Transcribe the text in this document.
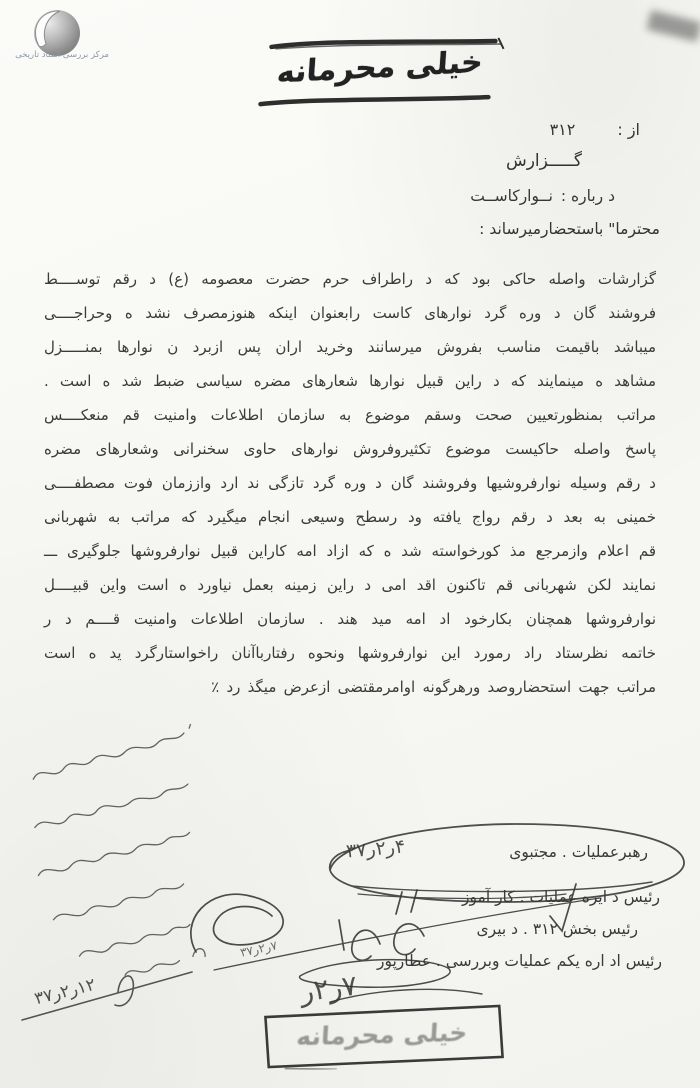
مرکز بررسی اسناد تاریخی	خیلی محرمانه
از :
۳۱۲
گـــــزارش
د رباره :
نــوارکاســت
محترما" باستحضارمیرساند :
گزارشات واصله حاکی بود که د راطراف حرم حضرت معصومه (ع) د رقم توســــط
فروشند گان د وره گرد نوارهای کاست رابعنوان اینکه هنوزمصرف نشد ه وحراجــــی
میباشد باقیمت مناسب بفروش میرسانند وخرید اران پس ازبرد ن نوارها بمنـــــزل
مشاهد ه مینمایند که د راین قبیل نوارها شعارهای مضره سیاسی ضبط شد ه است .
مراتب بمنظورتعیین صحت وسقم موضوع به سازمان اطلاعات وامنیت قم منعکــــس
پاسخ واصله حاکیست موضوع تکثیروفروش نوارهای حاوی سخنرانی وشعارهای مضره
د رقم وسیله نوارفروشیها وفروشند گان د وره گرد تازگی ند ارد واززمان فوت مصطفــــی
خمینی به بعد د رقم رواج یافته ود رسطح وسیعی انجام میگیرد که مراتب به شهربانی
قم اعلام وازمرجع مذ کورخواسته شد ه که ازاد امه کاراین قبیل نوارفروشها جلوگیری ـــ
نمایند لکن شهربانی قم تاکنون اقد امی د راین زمینه بعمل نیاورد ه است واین قبیــــل
نوارفروشها همچنان بکارخود اد امه مید هند . سازمان اطلاعات وامنیت قــــم د ر
خاتمه نظرستاد راد رمورد این نوارفروشها ونحوه رفتارباآنان راخواستارگرد ید ه است
مراتب جهت استحضاروصد ورهرگونه اوامرمقتضی ازعرض میگذ رد ٪
۱۲ر۲ر۳۷
رهبرعملیات . مجتبوی
۴ر۲ر۳۷
رئیس د ایره عملیات . کار آموز
رئیس بخش ۳۱۲ . د بیری
رئیس اد اره یکم عملیات وبررسی . عطارپور
۷ر۲ر۳۷
۷ر۲ر
خیلی محرمانه
